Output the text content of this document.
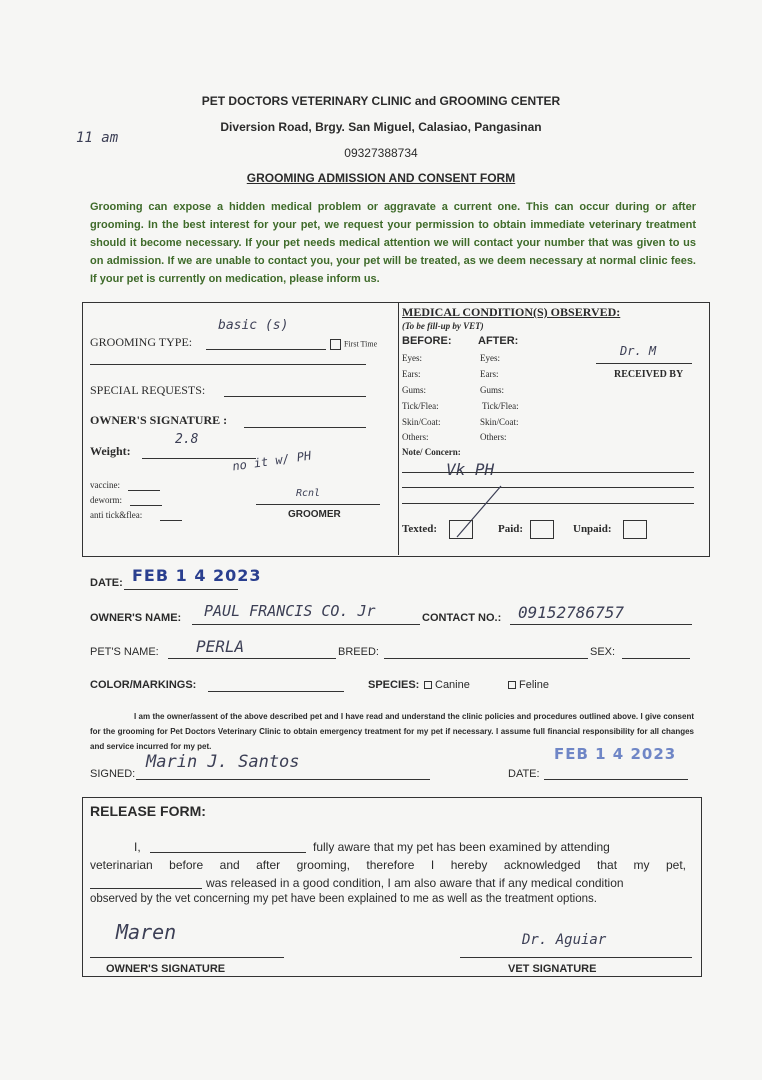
PET DOCTORS VETERINARY CLINIC and GROOMING CENTER
Diversion Road, Brgy. San Miguel, Calasiao, Pangasinan
09327388734
GROOMING ADMISSION AND CONSENT FORM
11 am
Grooming can expose a hidden medical problem or aggravate a current one. This can occur during or after grooming. In the best interest for your pet, we request your permission to obtain immediate veterinary treatment should it become necessary. If your pet needs medical attention we will contact your number that was given to us on admission. If we are unable to contact you, your pet will be treated, as we deem necessary at normal clinic fees. If your pet is currently on medication, please inform us.
GROOMING TYPE:
basic (s)
First Time
SPECIAL REQUESTS:
OWNER'S SIGNATURE :
Weight:
2.8
vaccine:
deworm:
anti tick&flea:
no it w/ PH
Rcnl
GROOMER
MEDICAL CONDITION(S) OBSERVED:
(To be fill-up by VET)
BEFORE: AFTER:
Eyes:	Eyes:
Ears:	Ears:
Gums:	Gums:
Tick/Flea:	Tick/Flea:
Skin/Coat:	Skin/Coat:
Others:	Others:
Note/ Concern:
Dr. M
RECEIVED BY
Vk PH
Texted:	Paid:	Unpaid:
DATE: FEB 1 4 2023
OWNER'S NAME: PAUL FRANCIS CO. Jr	CONTACT NO.: 09152786757
PET'S NAME: PERLA	BREED:	SEX:
COLOR/MARKINGS:	SPECIES:	Canine	Feline
I am the owner/assent of the above described pet and I have read and understand the clinic policies and procedures outlined above. I give consent for the grooming for Pet Doctors Veterinary Clinic to obtain emergency treatment for my pet if necessary. I assume full financial responsibility for all changes and service incurred for my pet.
SIGNED:
Marin J. Santos
DATE:
FEB 1 4 2023
RELEASE FORM:
I,	fully aware that my pet has been examined by attending
veterinarian before and after grooming, therefore I hereby acknowledged that my pet,
was released in a good condition, I am also aware that if any medical condition
observed by the vet concerning my pet have been explained to me as well as the treatment options.
Maren
OWNER'S SIGNATURE
Dr. Aguiar
VET SIGNATURE
